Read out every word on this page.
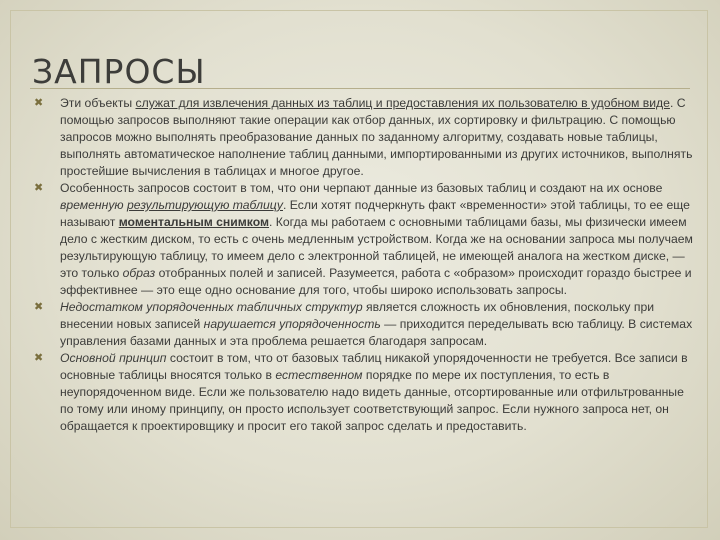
ЗАПРОСЫ
✖ Эти объекты служат для извлечения данных из таблиц и предоставления их пользователю в удобном виде. С помощью запросов выполняют такие операции как отбор данных, их сортировку и фильтрацию. С помощью запросов можно выполнять преобразование данных по заданному алгоритму, создавать новые таблицы, выполнять автоматическое наполнение таблиц данными, импортированными из других источников, выполнять простейшие вычисления в таблицах и многое другое.
✖ Особенность запросов состоит в том, что они черпают данные из базовых таблиц и создают на их основе временную результирующую таблицу. Если хотят подчеркнуть факт «временности» этой таблицы, то ее еще называют моментальным снимком. Когда мы работаем с основными таблицами базы, мы физически имеем дело с жестким диском, то есть с очень медленным устройством. Когда же на основании запроса мы получаем результирующую таблицу, то имеем дело с электронной таблицей, не имеющей аналога на жестком диске, — это только образ отобранных полей и записей. Разумеется, работа с «образом» происходит гораздо быстрее и эффективнее — это еще одно основание для того, чтобы широко использовать запросы.
✖ Недостатком упорядоченных табличных структур является сложность их обновления, поскольку при внесении новых записей нарушается упорядоченность — приходится переделывать всю таблицу. В системах управления базами данных и эта проблема решается благодаря запросам.
✖ Основной принцип состоит в том, что от базовых таблиц никакой упорядоченности не требуется. Все записи в основные таблицы вносятся только в естественном порядке по мере их поступления, то есть в неупорядоченном виде. Если же пользователю надо видеть данные, отсортированные или отфильтрованные по тому или иному принципу, он просто использует соответствующий запрос. Если нужного запроса нет, он обращается к проектировщику и просит его такой запрос сделать и предоставить.
